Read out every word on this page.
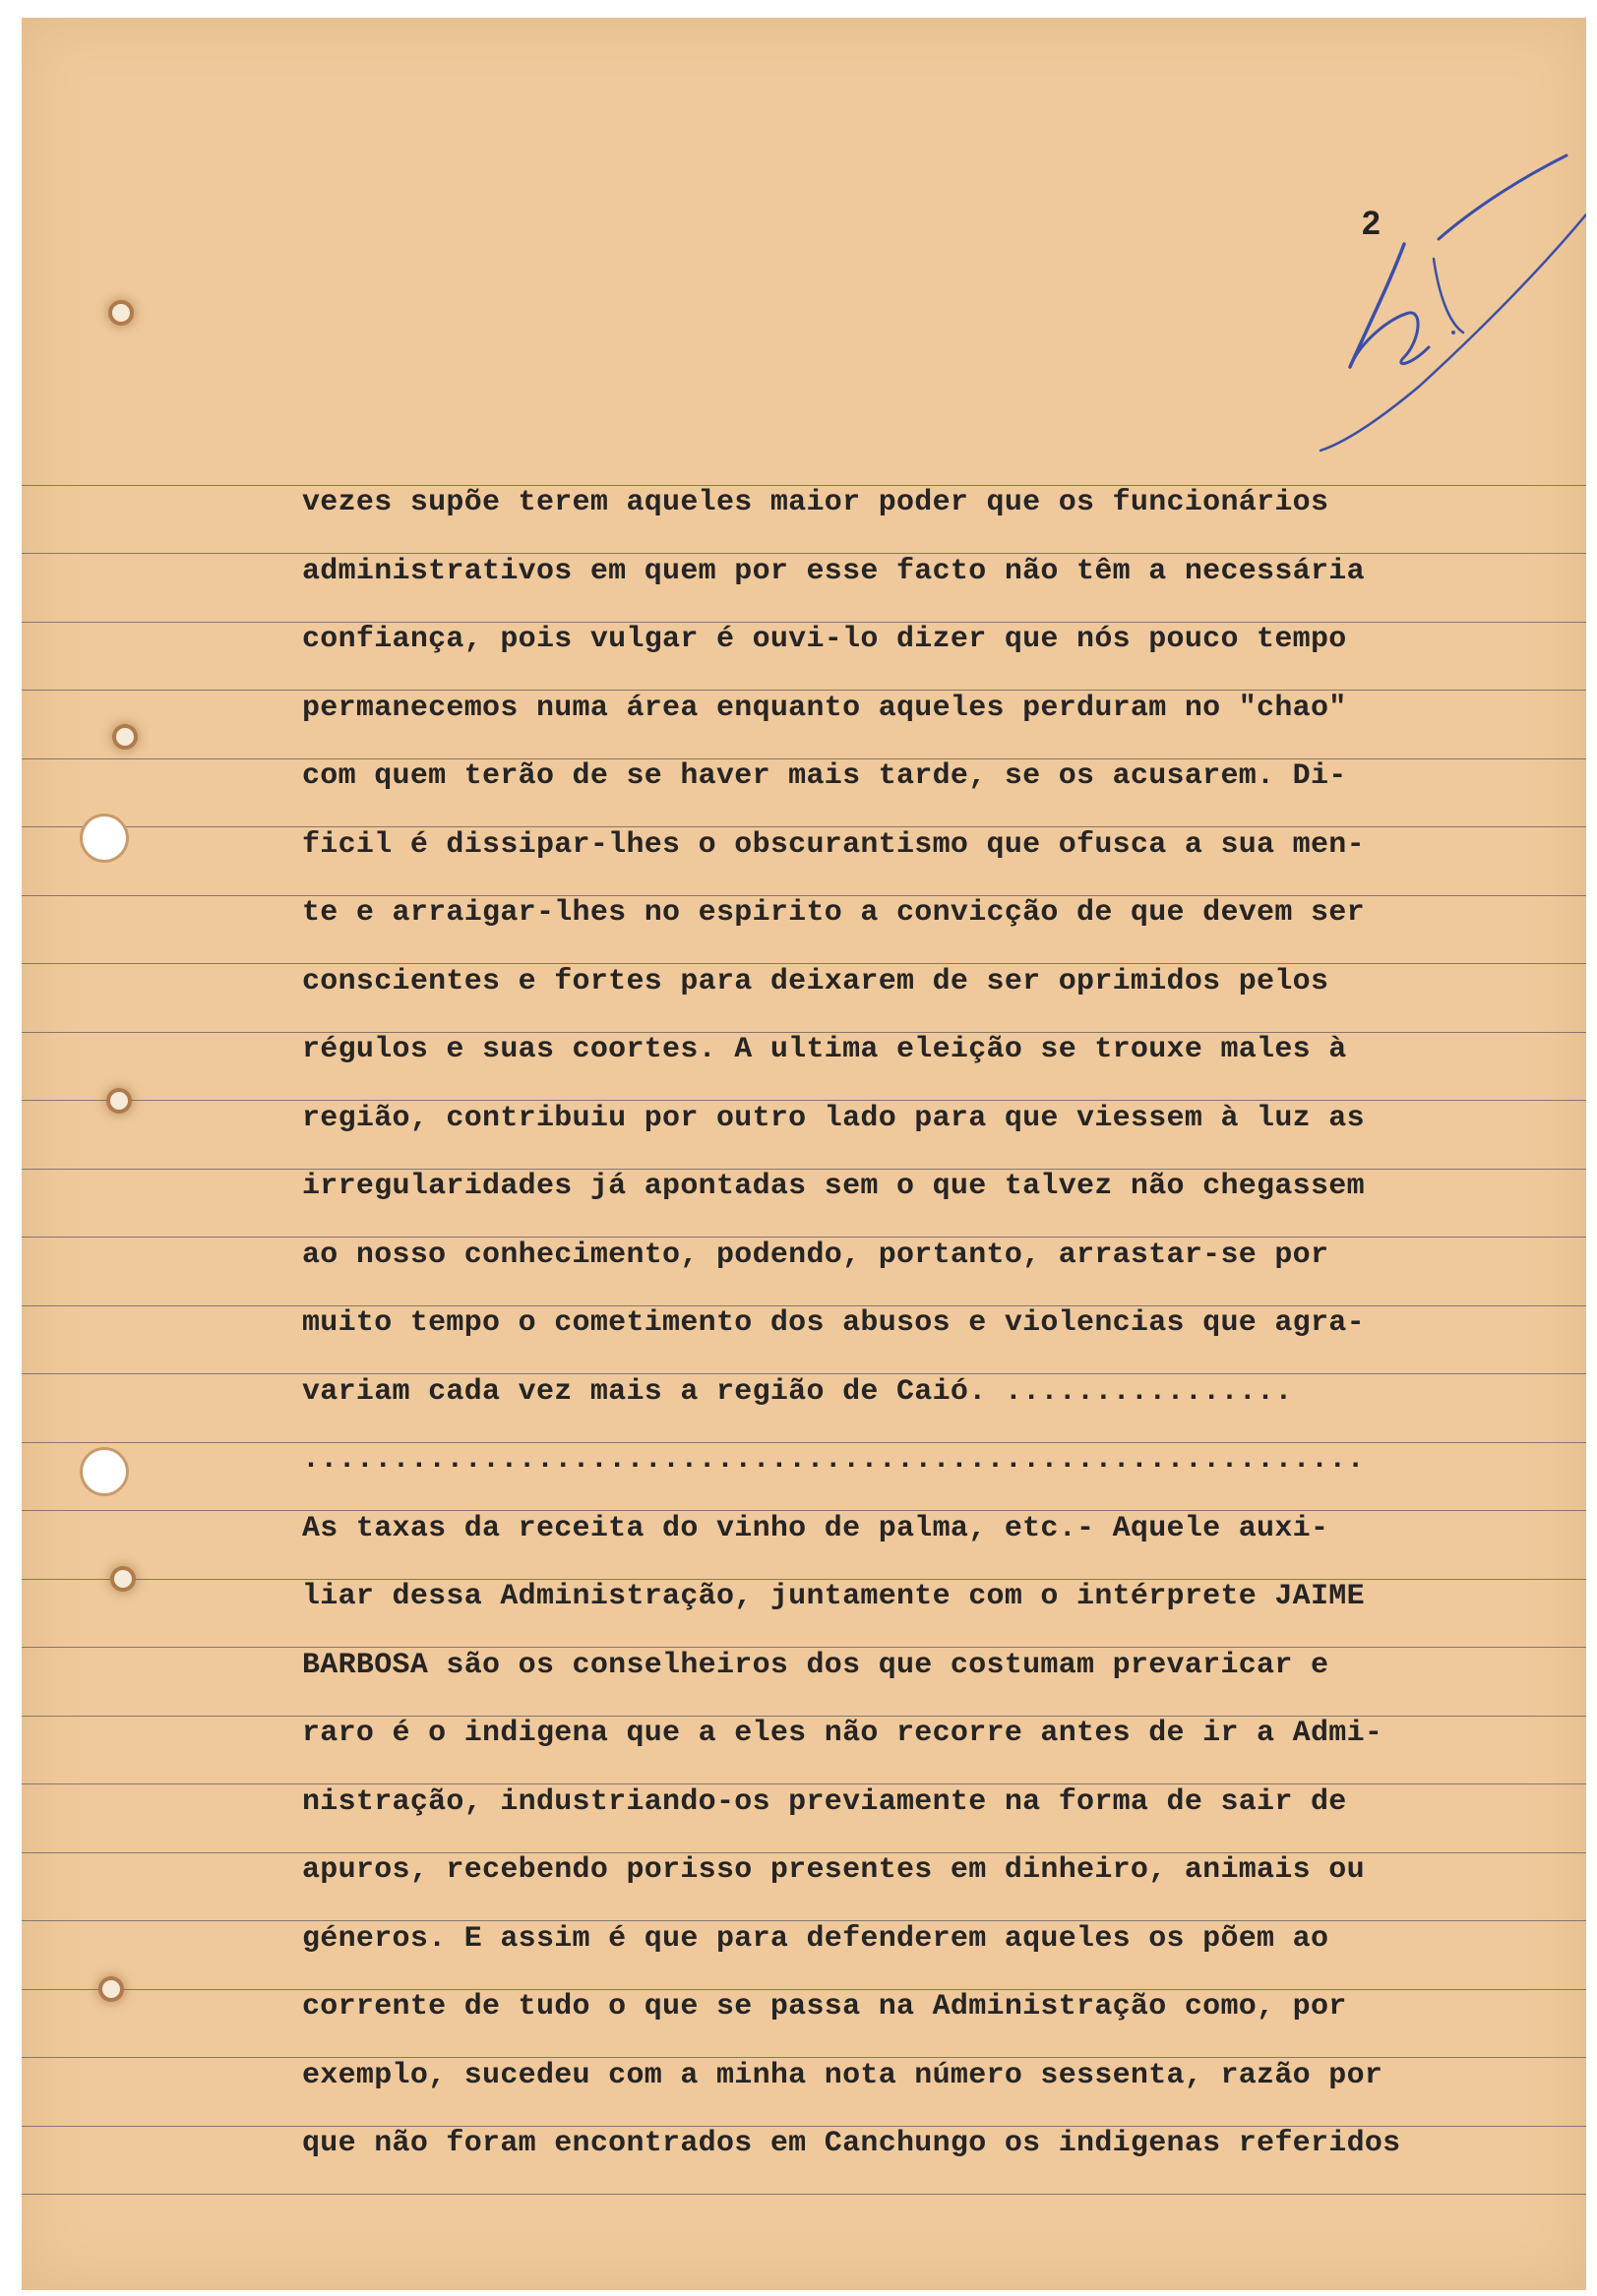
2
vezes supõe terem aqueles maior poder que os funcionários
administrativos em quem por esse facto não têm a necessária
confiança, pois vulgar é ouvi-lo dizer que nós pouco tempo
permanecemos numa área enquanto aqueles perduram no "chao"
com quem terão de se haver mais tarde, se os acusarem. Di-
ficil é dissipar-lhes o obscurantismo que ofusca a sua men-
te e arraigar-lhes no espirito a convicção de que devem ser
conscientes e fortes para deixarem de ser oprimidos pelos
régulos e suas coortes. A ultima eleição se trouxe males à
região, contribuiu por outro lado para que viessem à luz as
irregularidades já apontadas sem o que talvez não chegassem
ao nosso conhecimento, podendo, portanto, arrastar-se por
muito tempo o cometimento dos abusos e violencias que agra-
variam cada vez mais a região de Caió. ................
...........................................................
As taxas da receita do vinho de palma, etc.- Aquele auxi-
liar dessa Administração, juntamente com o intérprete JAIME
BARBOSA são os conselheiros dos que costumam prevaricar e
raro é o indigena que a eles não recorre antes de ir a Admi-
nistração, industriando-os previamente na forma de sair de
apuros, recebendo porisso presentes em dinheiro, animais ou
géneros. E assim é que para defenderem aqueles os põem ao
corrente de tudo o que se passa na Administração como, por
exemplo, sucedeu com a minha nota número sessenta, razão por
que não foram encontrados em Canchungo os indigenas referidos
